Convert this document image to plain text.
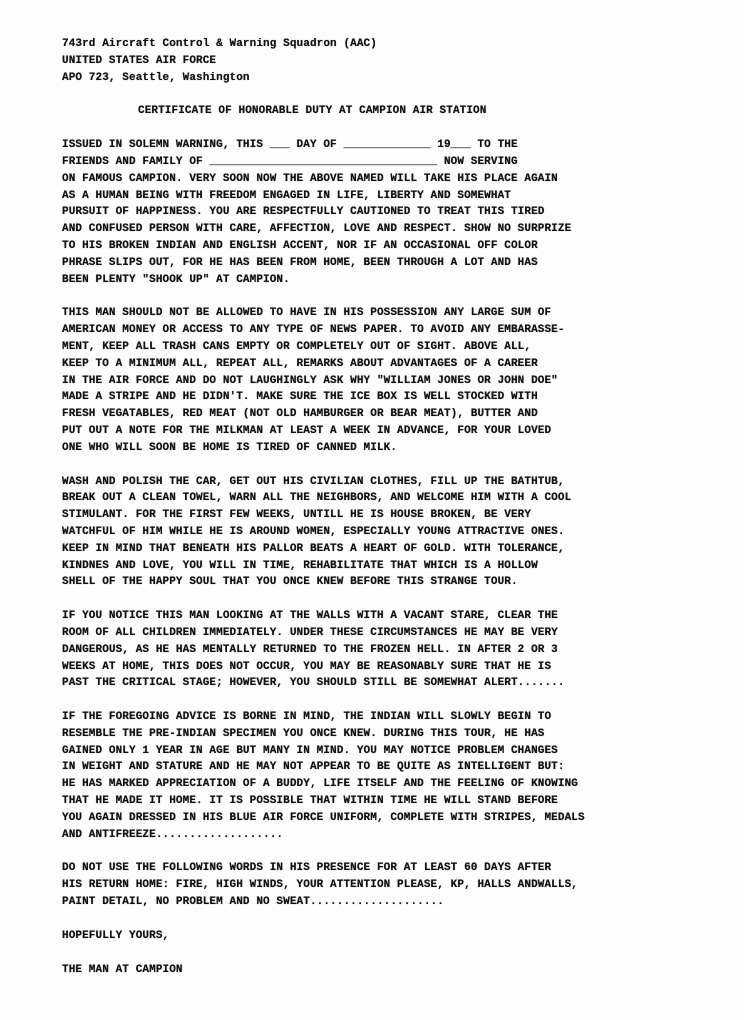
743rd Aircraft Control & Warning Squadron (AAC)
UNITED STATES AIR FORCE
APO 723, Seattle, Washington
CERTIFICATE OF HONORABLE DUTY AT CAMPION AIR STATION
ISSUED IN SOLEMN WARNING, THIS ___ DAY OF _____________ 19___ TO THE
FRIENDS AND FAMILY OF __________________________________ NOW SERVING
ON FAMOUS CAMPION. VERY SOON NOW THE ABOVE NAMED WILL TAKE HIS PLACE AGAIN
AS A HUMAN BEING WITH FREEDOM ENGAGED IN LIFE, LIBERTY AND SOMEWHAT
PURSUIT OF HAPPINESS. YOU ARE RESPECTFULLY CAUTIONED TO TREAT THIS TIRED
AND CONFUSED PERSON WITH CARE, AFFECTION, LOVE AND RESPECT. SHOW NO SURPRIZE
TO HIS BROKEN INDIAN AND ENGLISH ACCENT, NOR IF AN OCCASIONAL OFF COLOR
PHRASE SLIPS OUT, FOR HE HAS BEEN FROM HOME, BEEN THROUGH A LOT AND HAS
BEEN PLENTY "SHOOK UP" AT CAMPION.
THIS MAN SHOULD NOT BE ALLOWED TO HAVE IN HIS POSSESSION ANY LARGE SUM OF
AMERICAN MONEY OR ACCESS TO ANY TYPE OF NEWS PAPER. TO AVOID ANY EMBARASSE-
MENT, KEEP ALL TRASH CANS EMPTY OR COMPLETELY OUT OF SIGHT. ABOVE ALL,
KEEP TO A MINIMUM ALL, REPEAT ALL, REMARKS ABOUT ADVANTAGES OF A CAREER
IN THE AIR FORCE AND DO NOT LAUGHINGLY ASK WHY "WILLIAM JONES OR JOHN DOE"
MADE A STRIPE AND HE DIDN'T. MAKE SURE THE ICE BOX IS WELL STOCKED WITH
FRESH VEGATABLES, RED MEAT (NOT OLD HAMBURGER OR BEAR MEAT), BUTTER AND
PUT OUT A NOTE FOR THE MILKMAN AT LEAST A WEEK IN ADVANCE, FOR YOUR LOVED
ONE WHO WILL SOON BE HOME IS TIRED OF CANNED MILK.
WASH AND POLISH THE CAR, GET OUT HIS CIVILIAN CLOTHES, FILL UP THE BATHTUB,
BREAK OUT A CLEAN TOWEL, WARN ALL THE NEIGHBORS, AND WELCOME HIM WITH A COOL
STIMULANT. FOR THE FIRST FEW WEEKS, UNTILL HE IS HOUSE BROKEN, BE VERY
WATCHFUL OF HIM WHILE HE IS AROUND WOMEN, ESPECIALLY YOUNG ATTRACTIVE ONES.
KEEP IN MIND THAT BENEATH HIS PALLOR BEATS A HEART OF GOLD. WITH TOLERANCE,
KINDNES AND LOVE, YOU WILL IN TIME, REHABILITATE THAT WHICH IS A HOLLOW
SHELL OF THE HAPPY SOUL THAT YOU ONCE KNEW BEFORE THIS STRANGE TOUR.
IF YOU NOTICE THIS MAN LOOKING AT THE WALLS WITH A VACANT STARE, CLEAR THE
ROOM OF ALL CHILDREN IMMEDIATELY. UNDER THESE CIRCUMSTANCES HE MAY BE VERY
DANGEROUS, AS HE HAS MENTALLY RETURNED TO THE FROZEN HELL. IN AFTER 2 OR 3
WEEKS AT HOME, THIS DOES NOT OCCUR, YOU MAY BE REASONABLY SURE THAT HE IS
PAST THE CRITICAL STAGE; HOWEVER, YOU SHOULD STILL BE SOMEWHAT ALERT.......
IF THE FOREGOING ADVICE IS BORNE IN MIND, THE INDIAN WILL SLOWLY BEGIN TO
RESEMBLE THE PRE-INDIAN SPECIMEN YOU ONCE KNEW. DURING THIS TOUR, HE HAS
GAINED ONLY 1 YEAR IN AGE BUT MANY IN MIND. YOU MAY NOTICE PROBLEM CHANGES
IN WEIGHT AND STATURE AND HE MAY NOT APPEAR TO BE QUITE AS INTELLIGENT BUT:
HE HAS MARKED APPRECIATION OF A BUDDY, LIFE ITSELF AND THE FEELING OF KNOWING
THAT HE MADE IT HOME. IT IS POSSIBLE THAT WITHIN TIME HE WILL STAND BEFORE
YOU AGAIN DRESSED IN HIS BLUE AIR FORCE UNIFORM, COMPLETE WITH STRIPES, MEDALS
AND ANTIFREEZE...................
DO NOT USE THE FOLLOWING WORDS IN HIS PRESENCE FOR AT LEAST 60 DAYS AFTER
HIS RETURN HOME: FIRE, HIGH WINDS, YOUR ATTENTION PLEASE, KP, HALLS ANDWALLS,
PAINT DETAIL, NO PROBLEM AND NO SWEAT....................
HOPEFULLY YOURS,
THE MAN AT CAMPION
